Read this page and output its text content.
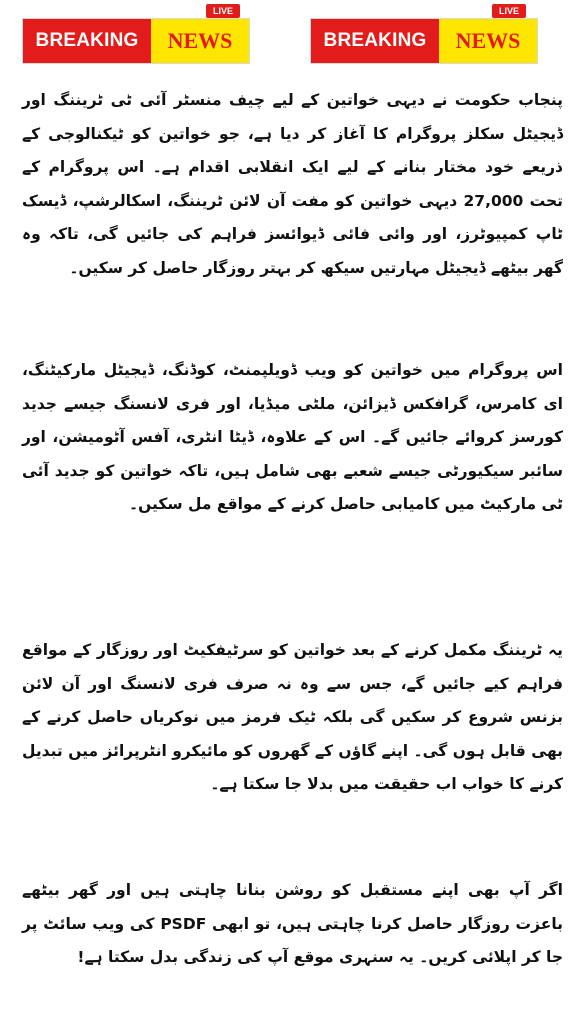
BREAKING	NEWS
LIVE
BREAKING	NEWS
LIVE

پنجاب حکومت نے دیہی خواتین کے لیے چیف منسٹر آئی ٹی ٹریننگ اور ڈیجیٹل سکلز پروگرام کا آغاز کر دیا ہے، جو خواتین کو ٹیکنالوجی کے ذریعے خود مختار بنانے کے لیے ایک انقلابی اقدام ہے۔ اس پروگرام کے تحت 27,000 دیہی خواتین کو مفت آن لائن ٹریننگ، اسکالرشپ، ڈیسک ٹاپ کمپیوٹرز، اور وائی فائی ڈیوائسز فراہم کی جائیں گی، تاکہ وہ گھر بیٹھے ڈیجیٹل مہارتیں سیکھ کر بہتر روزگار حاصل کر سکیں۔

اس پروگرام میں خواتین کو ویب ڈویلپمنٹ، کوڈنگ، ڈیجیٹل مارکیٹنگ، ای کامرس، گرافکس ڈیزائن، ملٹی میڈیا، اور فری لانسنگ جیسے جدید کورسز کروائے جائیں گے۔ اس کے علاوہ، ڈیٹا انٹری، آفس آٹومیشن، اور سائبر سیکیورٹی جیسے شعبے بھی شامل ہیں، تاکہ خواتین کو جدید آئی ٹی مارکیٹ میں کامیابی حاصل کرنے کے مواقع مل سکیں۔

یہ ٹریننگ مکمل کرنے کے بعد خواتین کو سرٹیفکیٹ اور روزگار کے مواقع فراہم کیے جائیں گے، جس سے وہ نہ صرف فری لانسنگ اور آن لائن بزنس شروع کر سکیں گی بلکہ ٹیک فرمز میں نوکریاں حاصل کرنے کے بھی قابل ہوں گی۔ اپنے گاؤں کے گھروں کو مائیکرو انٹرپرائز میں تبدیل کرنے کا خواب اب حقیقت میں بدلا جا سکتا ہے۔

اگر آپ بھی اپنے مستقبل کو روشن بنانا چاہتی ہیں اور گھر بیٹھے باعزت روزگار حاصل کرنا چاہتی ہیں، تو ابھی PSDF کی ویب سائٹ پر جا کر اپلائی کریں۔ یہ سنہری موقع آپ کی زندگی بدل سکتا ہے!
